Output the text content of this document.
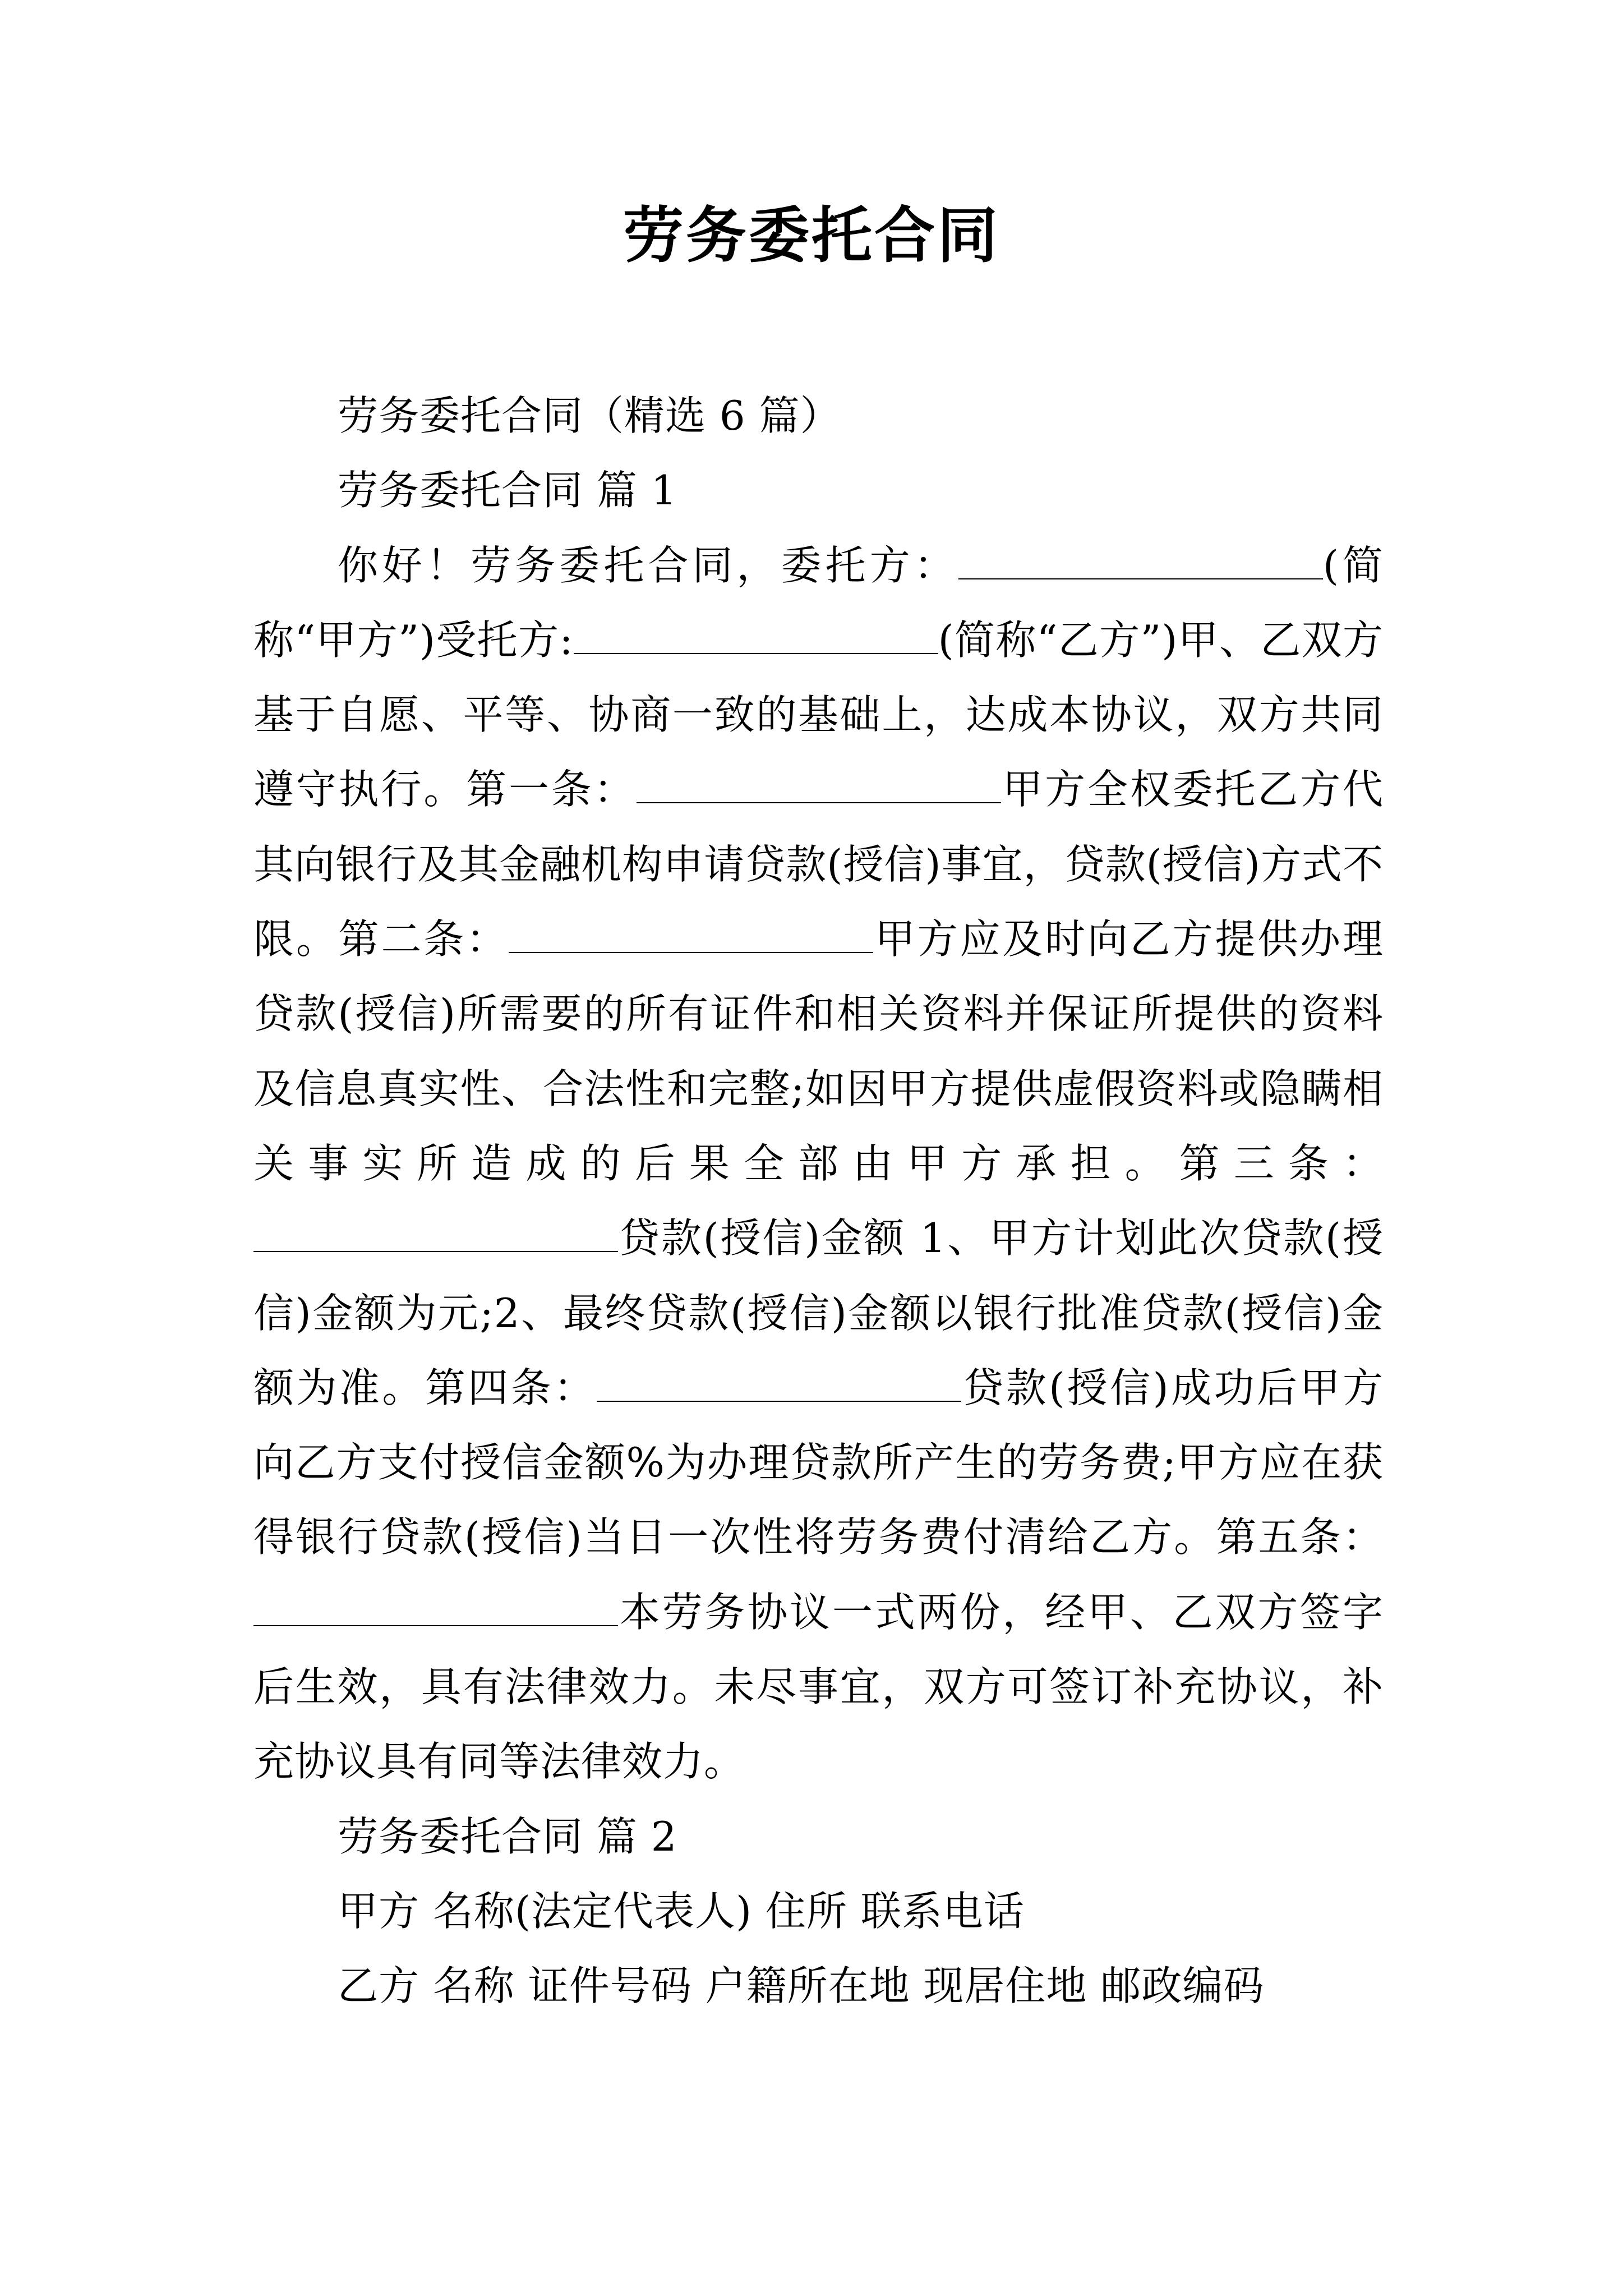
劳务委托合同

劳务委托合同（精选 6 篇）

劳务委托合同 篇 1

你好！劳务委托合同，委托方：	(简称“甲方”)受托方:	(简称“乙方”)甲、乙双方基于自愿、平等、协商一致的基础上，达成本协议，双方共同遵守执行。第一条：	甲方全权委托乙方代其向银行及其金融机构申请贷款(授信)事宜，贷款(授信)方式不限。第二条：	甲方应及时向乙方提供办理贷款(授信)所需要的所有证件和相关资料并保证所提供的资料及信息真实性、合法性和完整;如因甲方提供虚假资料或隐瞒相关事实所造成的后果全部由甲方承担。第三条：贷款(授信)金额 1、甲方计划此次贷款(授信)金额为元;2、最终贷款(授信)金额以银行批准贷款(授信)金额为准。第四条：	贷款(授信)成功后甲方向乙方支付授信金额%为办理贷款所产生的劳务费;甲方应在获得银行贷款(授信)当日一次性将劳务费付清给乙方。第五条：本劳务协议一式两份，经甲、乙双方签字后生效，具有法律效力。未尽事宜，双方可签订补充协议，补充协议具有同等法律效力。

劳务委托合同 篇 2

甲方 名称(法定代表人) 住所 联系电话

乙方 名称 证件号码 户籍所在地 现居住地 邮政编码
